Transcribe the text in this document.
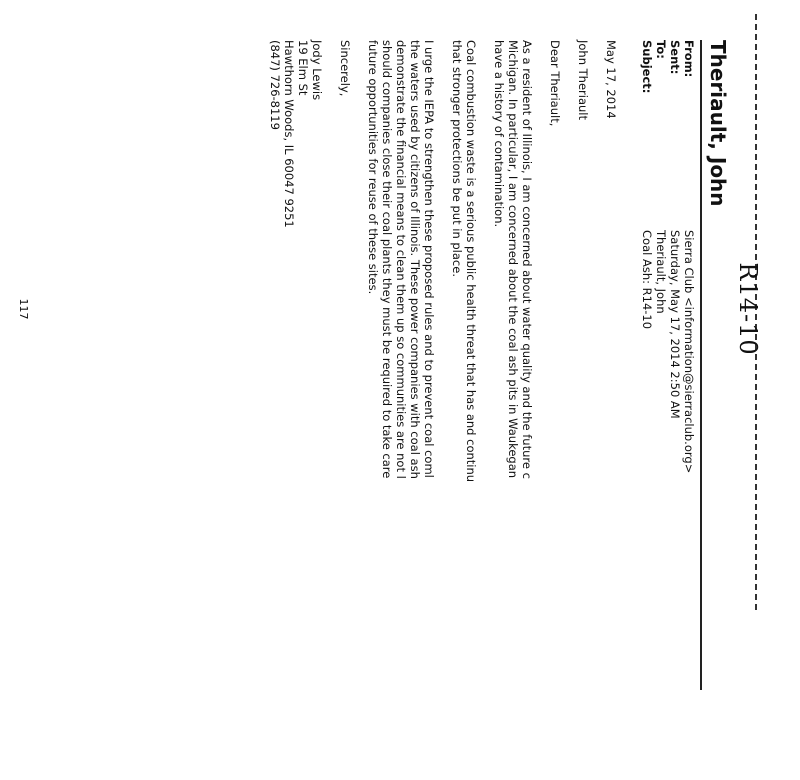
R14-10
Theriault, John
From:
Sierra Club <information@sierraclub.org>
Sent:
Saturday, May 17, 2014 2:50 AM
To:
Theriault, John
Subject:
Coal Ash: R14-10

May 17, 2014

John Theriault

Dear Theriault,

As a resident of Illinois, I am concerned about water quality and the future c
Michigan. In particular, I am concerned about the coal ash pits in Waukegan
have a history of contamination.

Coal combustion waste is a serious public health threat that has and continu
that stronger protections be put in place.

I urge the IEPA to strengthen these proposed rules and to prevent coal coml
the waters used by citizens of Illinois. These power companies with coal ash
demonstrate the financial means to clean them up so communities are not l
should companies close their coal plants they must be required to take care
future opportunities for reuse of these sites.

Sincerely,

Jody Lewis
19 Elm St
Hawthorn Woods, IL 60047 9251
(847) 726-8119

117
